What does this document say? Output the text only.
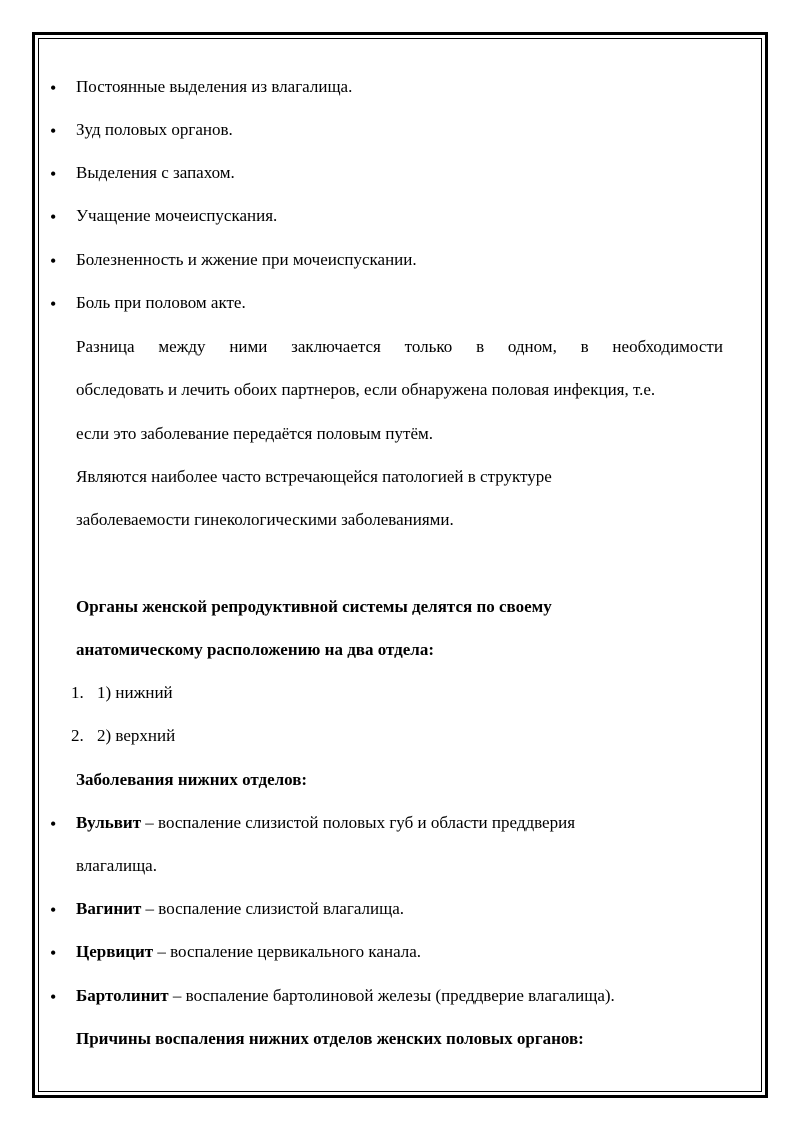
•	Постоянные выделения из влагалища.
•	Зуд половых органов.
•	Выделения с запахом.
•	Учащение мочеиспускания.
•	Болезненность и жжение при мочеиспускании.
•	Боль при половом акте.
Разница между ними заключается только в одном, в необходимости
обследовать и лечить обоих партнеров, если обнаружена половая инфекция, т.е.
если это заболевание передаётся половым путём.
Являются наиболее часто встречающейся патологией в структуре
заболеваемости гинекологическими заболеваниями.
Органы женской репродуктивной системы делятся по своему
анатомическому расположению на два отдела:
1. 1) нижний
2. 2) верхний
Заболевания нижних отделов:
•	Вульвит – воспаление слизистой половых губ и области преддверия
влагалища.
•	Вагинит – воспаление слизистой влагалища.
•	Цервицит – воспаление цервикального канала.
•	Бартолинит – воспаление бартолиновой железы (преддверие влагалища).
Причины воспаления нижних отделов женских половых органов:
